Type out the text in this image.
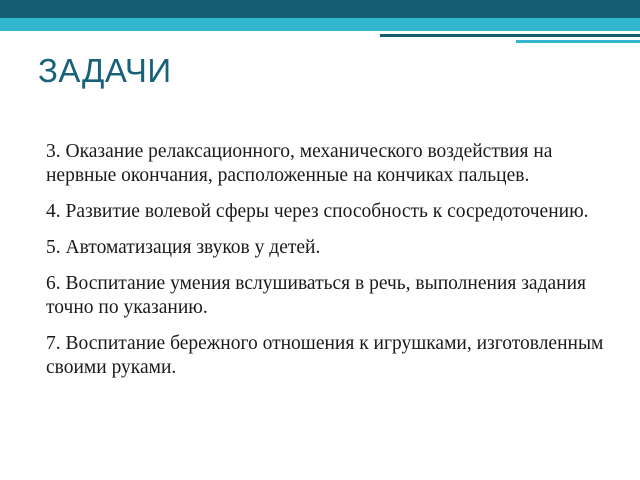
ЗАДАЧИ
3. Оказание релаксационного, механического воздействия на нервные окончания, расположенные на кончиках пальцев.
4. Развитие волевой сферы через способность к сосредоточению.
5. Автоматизация звуков у детей.
6. Воспитание умения вслушиваться в речь, выполнения задания точно по указанию.
7. Воспитание бережного отношения к игрушками, изготовленным своими руками.
